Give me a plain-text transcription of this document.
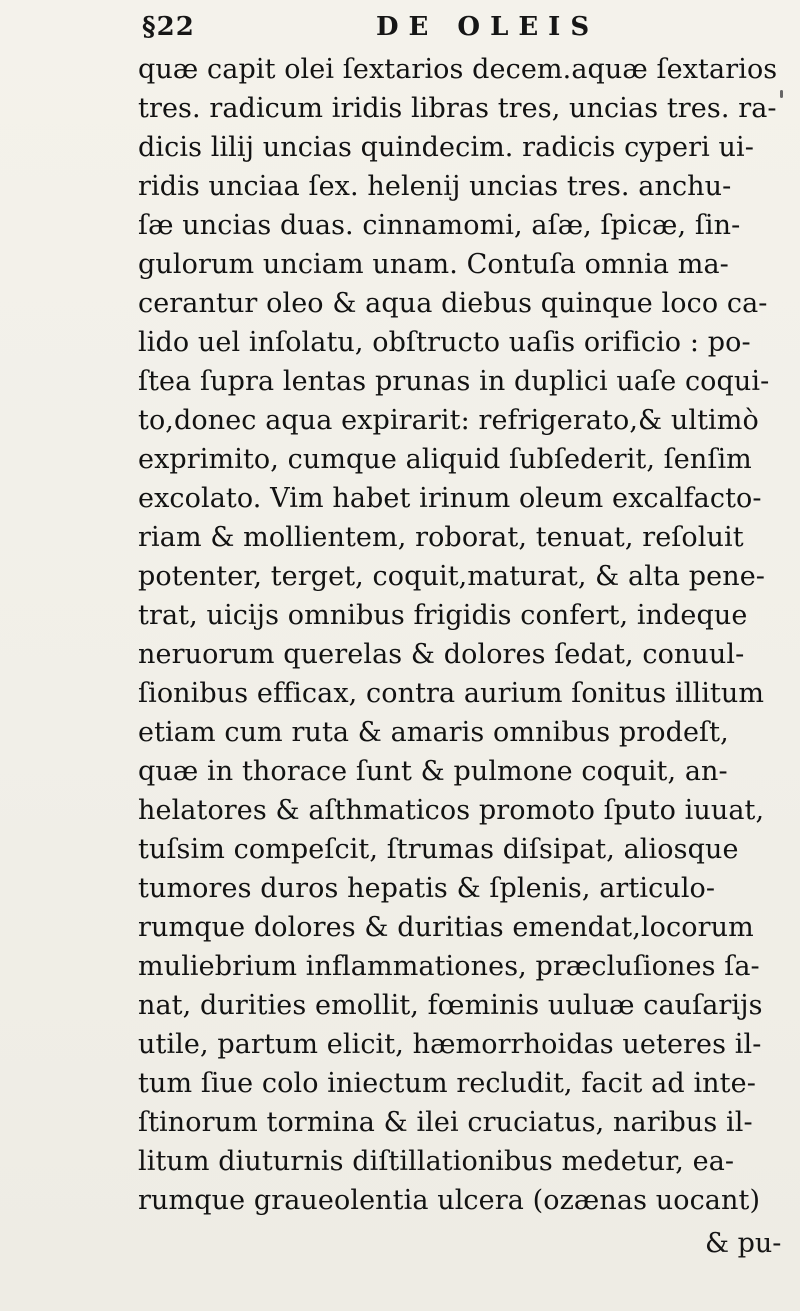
§22	DE OLEIS
quæ capit olei ſextarios decem.aquæ ſextarios
tres. radicum iridis libras tres, uncias tres. ra-
dicis lilij uncias quindecim. radicis cyperi ui-
ridis unciaa ſex. helenij uncias tres. anchu-
ſæ uncias duas. cinnamomi, aſæ, ſpicæ, ſin-
gulorum unciam unam. Contuſa omnia ma-
cerantur oleo & aqua diebus quinque loco ca-
lido uel inſolatu, obſtructo uaſis orificio : po-
ſtea ſupra lentas prunas in duplici uaſe coqui-
to,donec aqua expirarit: refrigerato,& ultimò
exprimito, cumque aliquid ſubſederit, ſenſim
excolato. Vim habet irinum oleum excalfacto-
riam & mollientem, roborat, tenuat, reſoluit
potenter, terget, coquit,maturat, & alta pene-
trat, uicijs omnibus frigidis confert, indeque
neruorum querelas & dolores ſedat, conuul-
ſionibus efficax, contra aurium ſonitus illitum
etiam cum ruta & amaris omnibus prodeſt,
quæ in thorace ſunt & pulmone coquit, an-
helatores & aſthmaticos promoto ſputo iuuat,
tuſsim compeſcit, ſtrumas diſsipat, aliosque
tumores duros hepatis & ſplenis, articulo-
rumque dolores & duritias emendat,locorum
muliebrium inflammationes, præcluſiones ſa-
nat, durities emollit, fœminis uuluæ cauſarijs
utile, partum elicit, hæmorrhoidas ueteres il-
tum ſiue colo iniectum recludit, facit ad inte-
ſtinorum tormina & ilei cruciatus, naribus il-
litum diuturnis diſtillationibus medetur, ea-
rumque graueolentia ulcera (ozænas uocant)
& pu-
